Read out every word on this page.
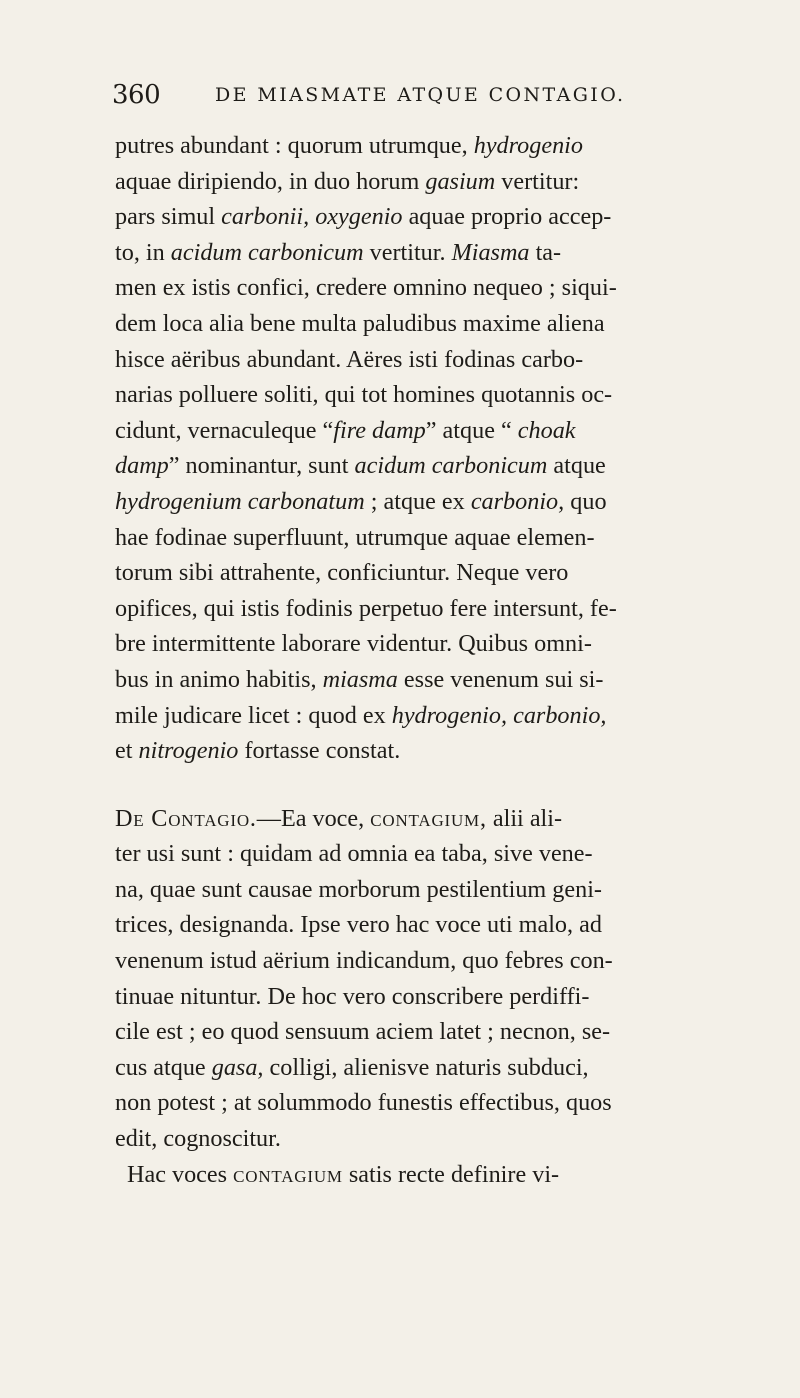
360	DE MIASMATE ATQUE CONTAGIO.
putres abundant : quorum utrumque, hydrogenio
aquae diripiendo, in duo horum gasium vertitur:
pars simul carbonii, oxygenio aquae proprio accep-
to, in acidum carbonicum vertitur. Miasma ta-
men ex istis confici, credere omnino nequeo ; siqui-
dem loca alia bene multa paludibus maxime aliena
hisce aëribus abundant. Aëres isti fodinas carbo-
narias polluere soliti, qui tot homines quotannis oc-
cidunt, vernaculeque “fire damp” atque “ choak
damp” nominantur, sunt acidum carbonicum atque
hydrogenium carbonatum ; atque ex carbonio, quo
hae fodinae superfluunt, utrumque aquae elemen-
torum sibi attrahente, conficiuntur. Neque vero
opifices, qui istis fodinis perpetuo fere intersunt, fe-
bre intermittente laborare videntur. Quibus omni-
bus in animo habitis, miasma esse venenum sui si-
mile judicare licet : quod ex hydrogenio, carbonio,
et nitrogenio fortasse constat.
De Contagio.—Ea voce, contagium, alii ali-
ter usi sunt : quidam ad omnia ea taba, sive vene-
na, quae sunt causae morborum pestilentium geni-
trices, designanda. Ipse vero hac voce uti malo, ad
venenum istud aërium indicandum, quo febres con-
tinuae nituntur. De hoc vero conscribere perdiffi-
cile est ; eo quod sensuum aciem latet ; necnon, se-
cus atque gasa, colligi, alienisve naturis subduci,
non potest ; at solummodo funestis effectibus, quos
edit, cognoscitur.
Hac voces contagium satis recte definire vi-
